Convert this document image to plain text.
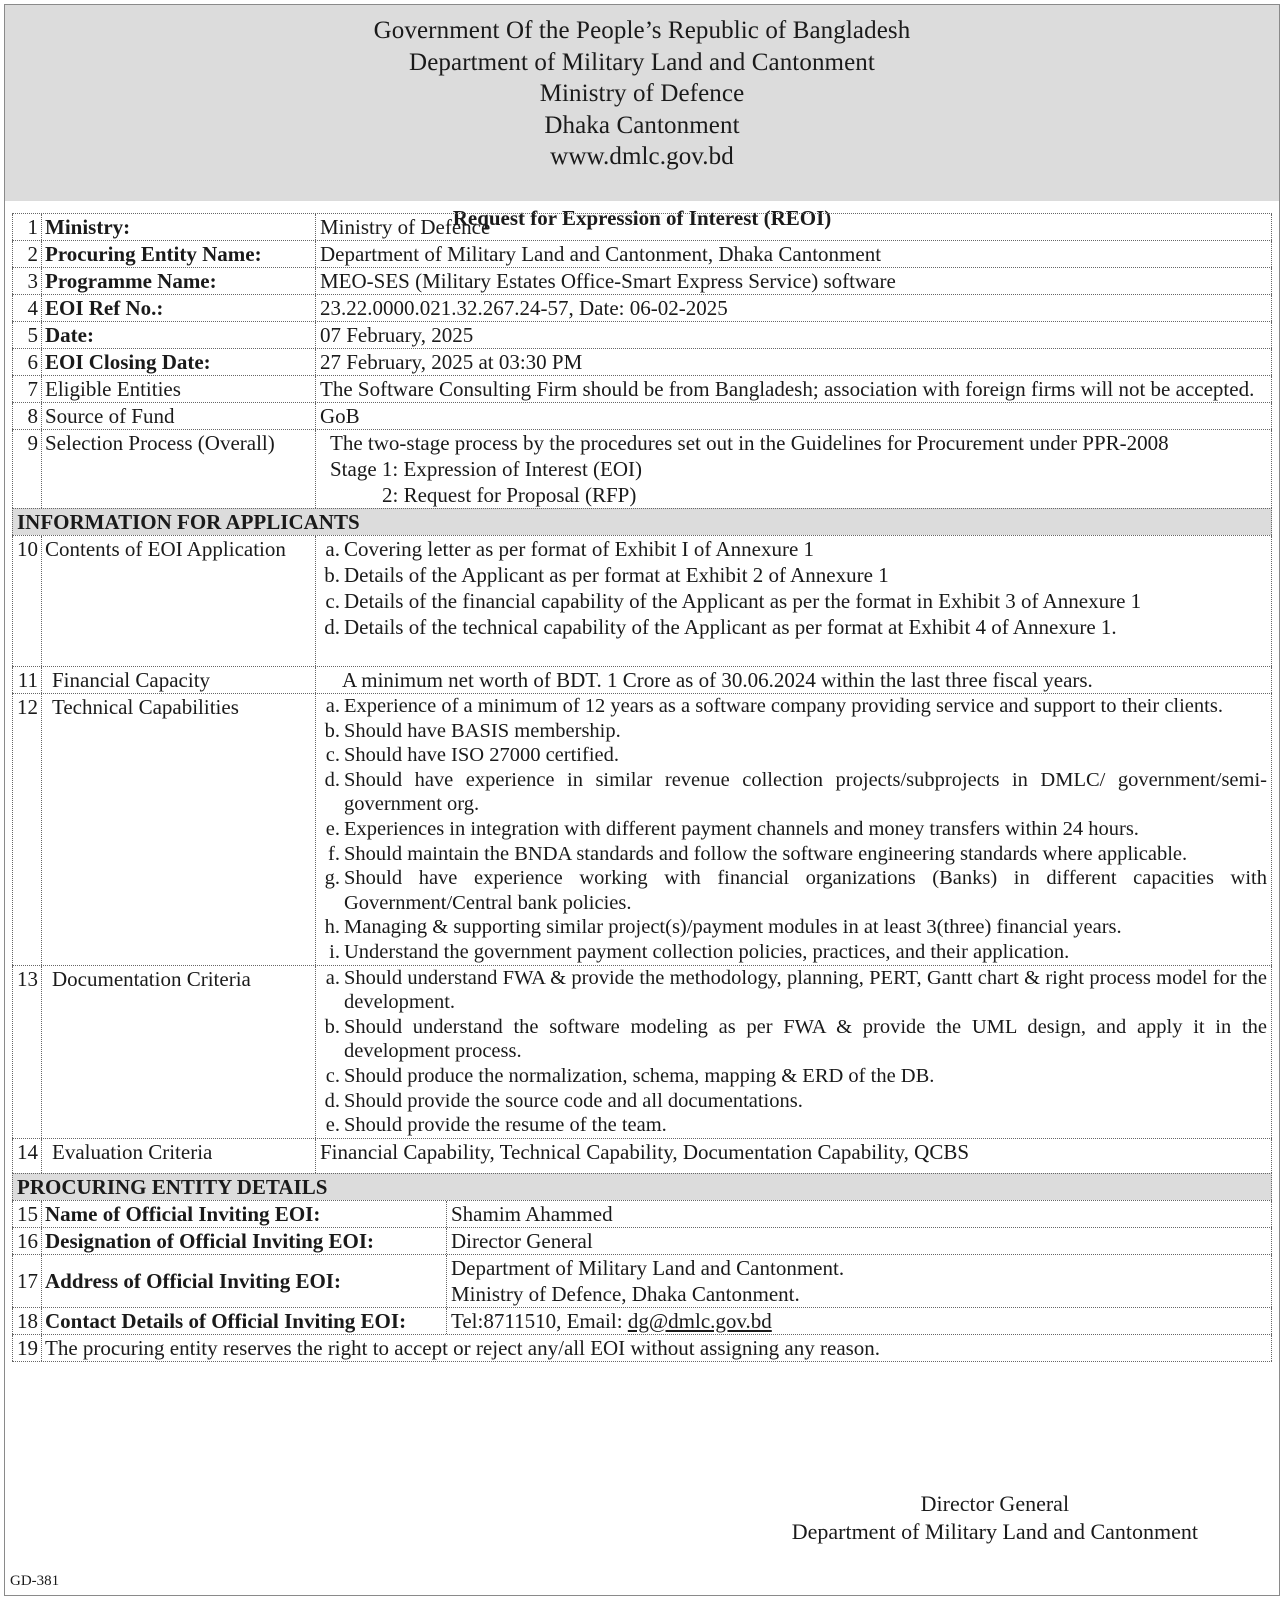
Government Of the People’s Republic of Bangladesh
Department of Military Land and Cantonment
Ministry of Defence
Dhaka Cantonment
www.dmlc.gov.bd
Request for Expression of Interest (REOI)
1 Ministry:	Ministry of Defence
2 Procuring Entity Name:	Department of Military Land and Cantonment, Dhaka Cantonment
3 Programme Name:	MEO-SES (Military Estates Office-Smart Express Service) software
4 EOI Ref No.:	23.22.0000.021.32.267.24-57, Date: 06-02-2025
5 Date:	07 February, 2025
6 EOI Closing Date:	27 February, 2025 at 03:30 PM
7 Eligible Entities	The Software Consulting Firm should be from Bangladesh; association with foreign firms will not be accepted.
8 Source of Fund	GoB
9 Selection Process (Overall)	The two-stage process by the procedures set out in the Guidelines for Procurement under PPR-2008
Stage 1: Expression of Interest (EOI)
2: Request for Proposal (RFP)
INFORMATION FOR APPLICANTS
10 Contents of EOI Application	a. Covering letter as per format of Exhibit I of Annexure 1
b. Details of the Applicant as per format at Exhibit 2 of Annexure 1
c. Details of the financial capability of the Applicant as per the format in Exhibit 3 of Annexure 1
d. Details of the technical capability of the Applicant as per format at Exhibit 4 of Annexure 1.
11 Financial Capacity	A minimum net worth of BDT. 1 Crore as of 30.06.2024 within the last three fiscal years.
12 Technical Capabilities	a. Experience of a minimum of 12 years as a software company providing service and support to their clients.
b. Should have BASIS membership.
c. Should have ISO 27000 certified.
d. Should have experience in similar revenue collection projects/subprojects in DMLC/ government/semi-government org.
e. Experiences in integration with different payment channels and money transfers within 24 hours.
f. Should maintain the BNDA standards and follow the software engineering standards where applicable.
g. Should have experience working with financial organizations (Banks) in different capacities with Government/Central bank policies.
h. Managing & supporting similar project(s)/payment modules in at least 3(three) financial years.
i. Understand the government payment collection policies, practices, and their application.
13 Documentation Criteria	a. Should understand FWA & provide the methodology, planning, PERT, Gantt chart & right process model for the development.
b. Should understand the software modeling as per FWA & provide the UML design, and apply it in the development process.
c. Should produce the normalization, schema, mapping & ERD of the DB.
d. Should provide the source code and all documentations.
e. Should provide the resume of the team.
14 Evaluation Criteria	Financial Capability, Technical Capability, Documentation Capability, QCBS
PROCURING ENTITY DETAILS
15 Name of Official Inviting EOI:	Shamim Ahammed
16 Designation of Official Inviting EOI:	Director General
17 Address of Official Inviting EOI:
Department of Military Land and Cantonment.
Ministry of Defence, Dhaka Cantonment.
18 Contact Details of Official Inviting EOI:	Tel:8711510, Email: dg@dmlc.gov.bd
19 The procuring entity reserves the right to accept or reject any/all EOI without assigning any reason.
Director General
Department of Military Land and Cantonment
GD-381
